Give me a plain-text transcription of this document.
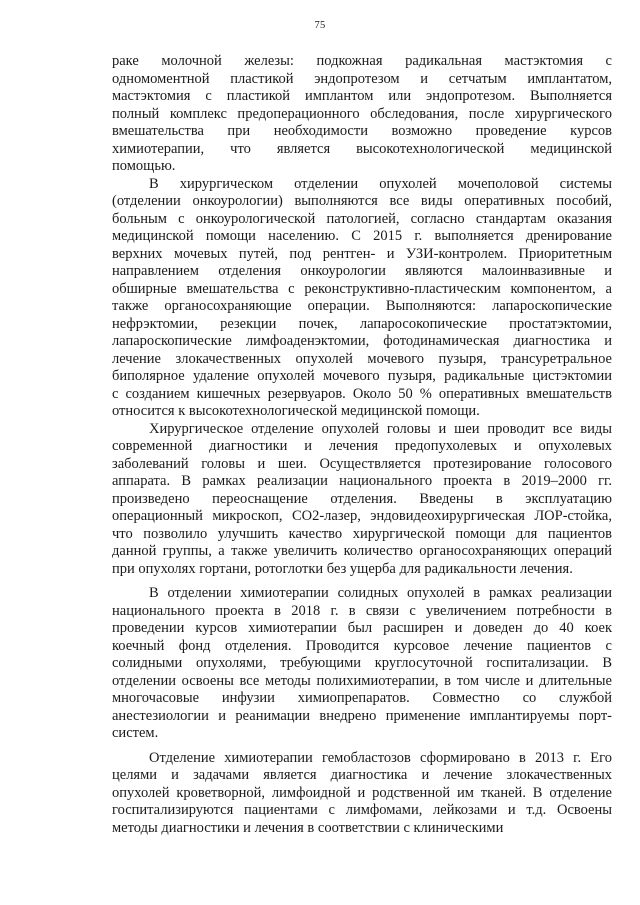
75

раке молочной железы: подкожная радикальная мастэктомия с
одномоментной пластикой эндопротезом и сетчатым имплантатом,
мастэктомия с пластикой имплантом или эндопротезом. Выполняется
полный комплекс предоперационного обследования, после хирургического
вмешательства при необходимости возможно проведение курсов
химиотерапии, что является высокотехнологической медицинской
помощью.

В хирургическом отделении опухолей мочеполовой системы
(отделении онкоурологии) выполняются все виды оперативных пособий,
больным с онкоурологической патологией, согласно стандартам оказания
медицинской помощи населению. С 2015 г. выполняется дренирование
верхних мочевых путей, под рентген- и УЗИ-контролем. Приоритетным
направлением отделения онкоурологии являются малоинвазивные и
обширные вмешательства с реконструктивно-пластическим компонентом, а
также органосохраняющие операции. Выполняются: лапароскопические
нефрэктомии, резекции почек, лапаросокопические простатэктомии,
лапароскопические лимфоаденэктомии, фотодинамическая диагностика и
лечение злокачественных опухолей мочевого пузыря, трансуретральное
биполярное удаление опухолей мочевого пузыря, радикальные цистэктомии
с созданием кишечных резервуаров. Около 50 % оперативных вмешательств
относится к высокотехнологической медицинской помощи.

Хирургическое отделение опухолей головы и шеи проводит все виды
современной диагностики и лечения предопухолевых и опухолевых
заболеваний головы и шеи. Осуществляется протезирование голосового
аппарата. В рамках реализации национального проекта в 2019–2000 гг.
произведено переоснащение отделения. Введены в эксплуатацию
операционный микроскоп, СО2-лазер, эндовидеохирургическая ЛОР-стойка,
что позволило улучшить качество хирургической помощи для пациентов
данной группы, а также увеличить количество органосохраняющих операций
при опухолях гортани, ротоглотки без ущерба для радикальности лечения.

В отделении химиотерапии солидных опухолей в рамках реализации
национального проекта в 2018 г. в связи с увеличением потребности в
проведении курсов химиотерапии был расширен и доведен до 40 коек
коечный фонд отделения. Проводится курсовое лечение пациентов с
солидными опухолями, требующими круглосуточной госпитализации. В
отделении освоены все методы полихимиотерапии, в том числе и длительные
многочасовые инфузии химиопрепаратов. Совместно со службой
анестезиологии и реанимации внедрено применение имплантируемы порт-
систем.

Отделение химиотерапии гемобластозов сформировано в 2013 г. Его
целями и задачами является диагностика и лечение злокачественных
опухолей кроветворной, лимфоидной и родственной им тканей. В отделение
госпитализируются пациентами с лимфомами, лейкозами и т.д. Освоены
методы диагностики и лечения в соответствии с клиническими
